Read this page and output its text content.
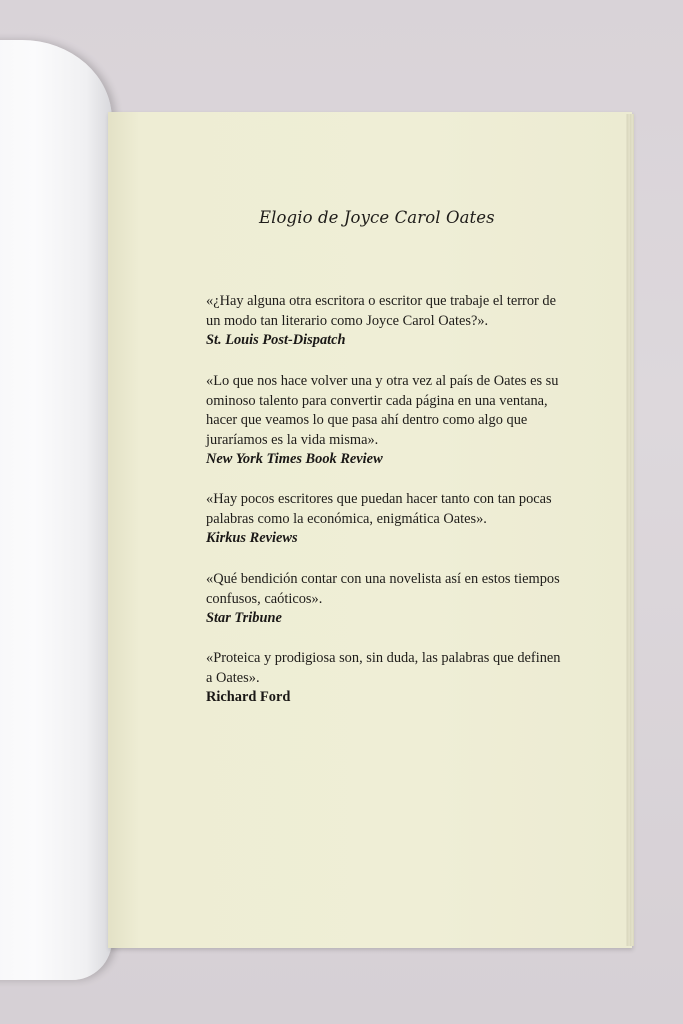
Elogio de Joyce Carol Oates
«¿Hay alguna otra escritora o escritor que trabaje el terror de
un modo tan literario como Joyce Carol Oates?».
St. Louis Post-Dispatch
«Lo que nos hace volver una y otra vez al país de Oates es su
ominoso talento para convertir cada página en una ventana,
hacer que veamos lo que pasa ahí dentro como algo que
juraríamos es la vida misma».
New York Times Book Review
«Hay pocos escritores que puedan hacer tanto con tan pocas
palabras como la económica, enigmática Oates».
Kirkus Reviews
«Qué bendición contar con una novelista así en estos tiempos
confusos, caóticos».
Star Tribune
«Proteica y prodigiosa son, sin duda, las palabras que definen
a Oates».
Richard Ford
